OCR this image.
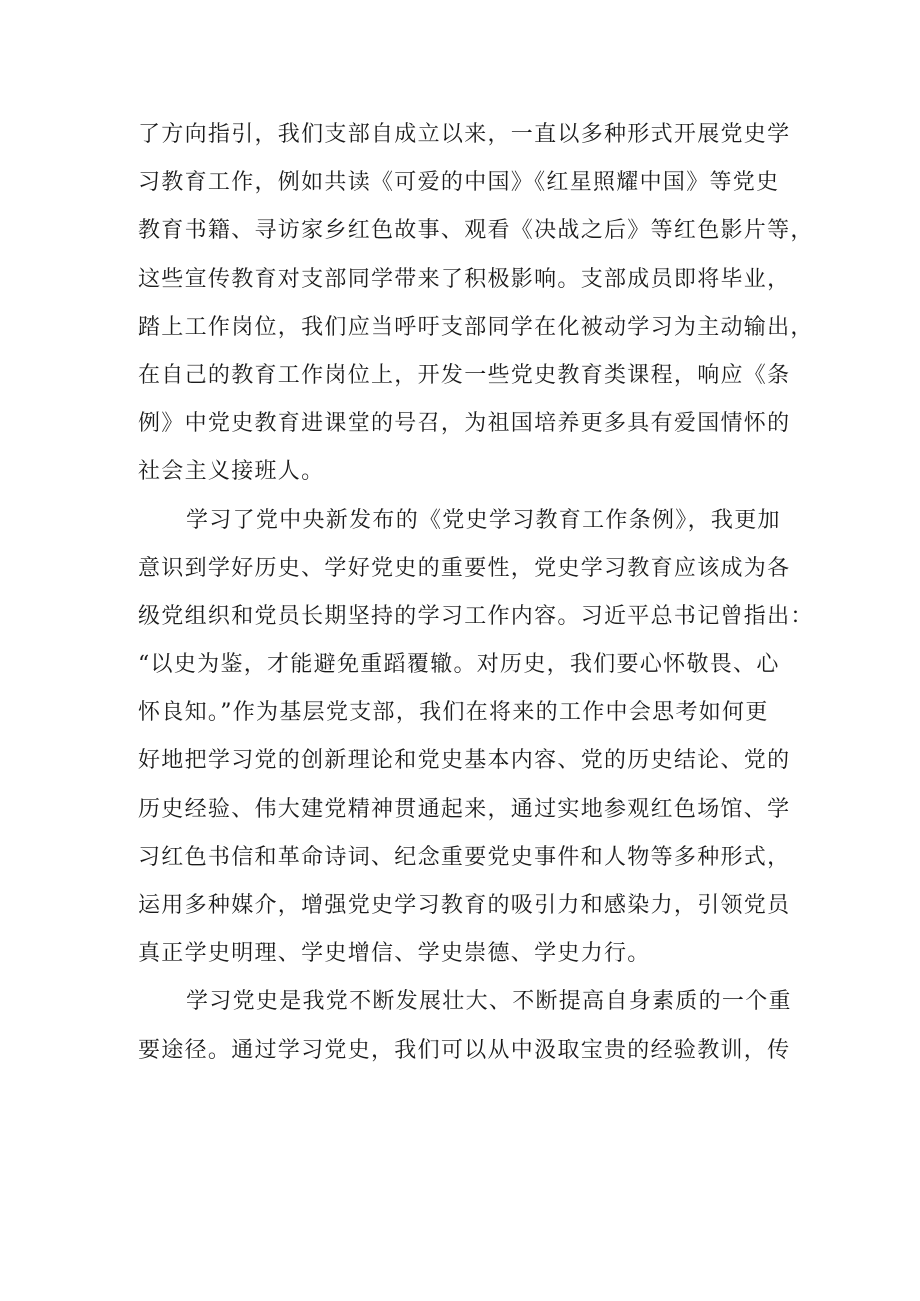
了方向指引，我们支部自成立以来，一直以多种形式开展党史学
习教育工作，例如共读《可爱的中国》《红星照耀中国》等党史
教育书籍、寻访家乡红色故事、观看《决战之后》等红色影片等，
这些宣传教育对支部同学带来了积极影响。支部成员即将毕业，
踏上工作岗位，我们应当呼吁支部同学在化被动学习为主动输出，
在自己的教育工作岗位上，开发一些党史教育类课程，响应《条
例》中党史教育进课堂的号召，为祖国培养更多具有爱国情怀的
社会主义接班人。
学习了党中央新发布的《党史学习教育工作条例》，我更加
意识到学好历史、学好党史的重要性，党史学习教育应该成为各
级党组织和党员长期坚持的学习工作内容。习近平总书记曾指出：
“以史为鉴，才能避免重蹈覆辙。对历史，我们要心怀敬畏、心
怀良知。”作为基层党支部，我们在将来的工作中会思考如何更
好地把学习党的创新理论和党史基本内容、党的历史结论、党的
历史经验、伟大建党精神贯通起来，通过实地参观红色场馆、学
习红色书信和革命诗词、纪念重要党史事件和人物等多种形式，
运用多种媒介，增强党史学习教育的吸引力和感染力，引领党员
真正学史明理、学史增信、学史崇德、学史力行。
学习党史是我党不断发展壮大、不断提高自身素质的一个重
要途径。通过学习党史，我们可以从中汲取宝贵的经验教训，传
